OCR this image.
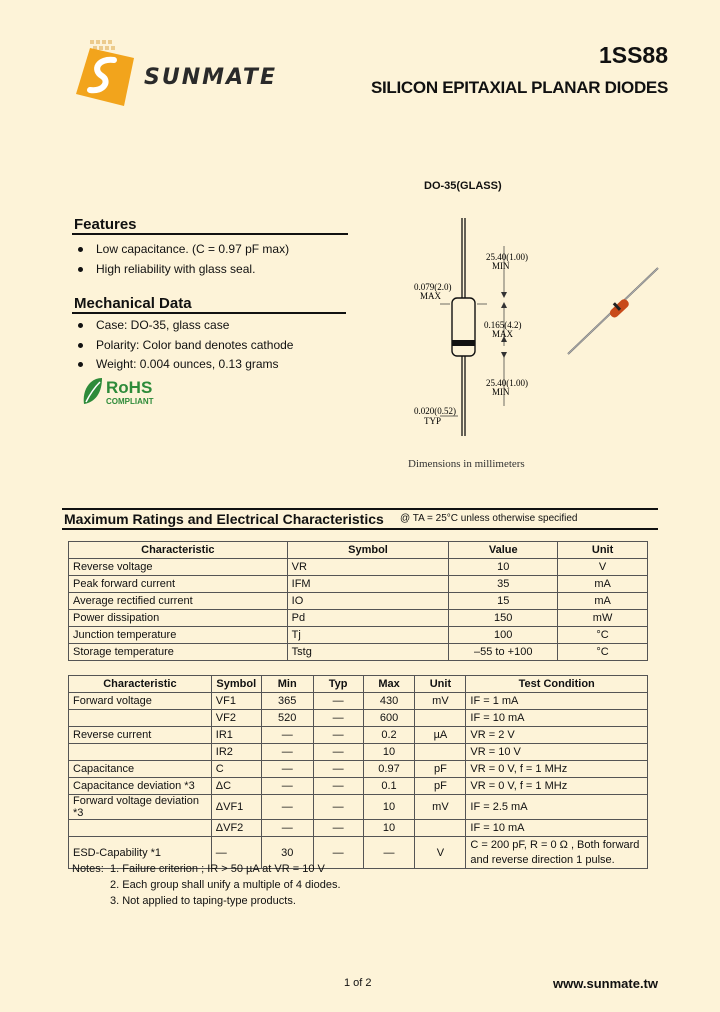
SUNMATE
1SS88
SILICON EPITAXIAL PLANAR DIODES
Features
Low capacitance. (C = 0.97 pF max)
High reliability with glass seal.
Mechanical Data
Case: DO-35, glass case
Polarity: Color band denotes cathode
Weight: 0.004 ounces, 0.13 grams
RoHS
COMPLIANT
DO-35(GLASS)
25.40(1.00)
MIN
0.079(2.0)
MAX
0.165(4.2)
MAX
25.40(1.00)
MIN
0.020(0.52)
TYP
Dimensions in millimeters
Maximum Ratings and Electrical Characteristics @ TA = 25°C unless otherwise specified
Characteristic	Symbol	Value	Unit
Reverse voltage	VR	10	V
Peak forward current	IFM	35	mA
Average rectified current	IO	15	mA
Power dissipation	Pd	150	mW
Junction temperature	Tj	100	°C
Storage temperature	Tstg	–55 to +100	°C
Characteristic	Symbol	Min	Typ	Max	Unit	Test Condition
Forward voltage	VF1	365	—	430	mV	IF = 1 mA
	VF2	520	—	600		IF = 10 mA
Reverse current	IR1	—	—	0.2	µA	VR = 2 V
	IR2	—	—	10		VR = 10 V
Capacitance	C	—	—	0.97	pF	VR = 0 V, f = 1 MHz
Capacitance deviation *3	ΔC	—	—	0.1	pF	VR = 0 V, f = 1 MHz
Forward voltage deviation *3	ΔVF1	—	—	10	mV	IF = 2.5 mA
	ΔVF2	—	—	10		IF = 10 mA
ESD-Capability *1	—	30	—	—	V	C = 200 pF, R = 0 Ω , Both forward and reverse direction 1 pulse.
Notes: 1. Failure criterion ; IR > 50 µA at VR = 10 V
2. Each group shall unify a multiple of 4 diodes.
3. Not applied to taping-type products.
1 of 2	www.sunmate.tw
